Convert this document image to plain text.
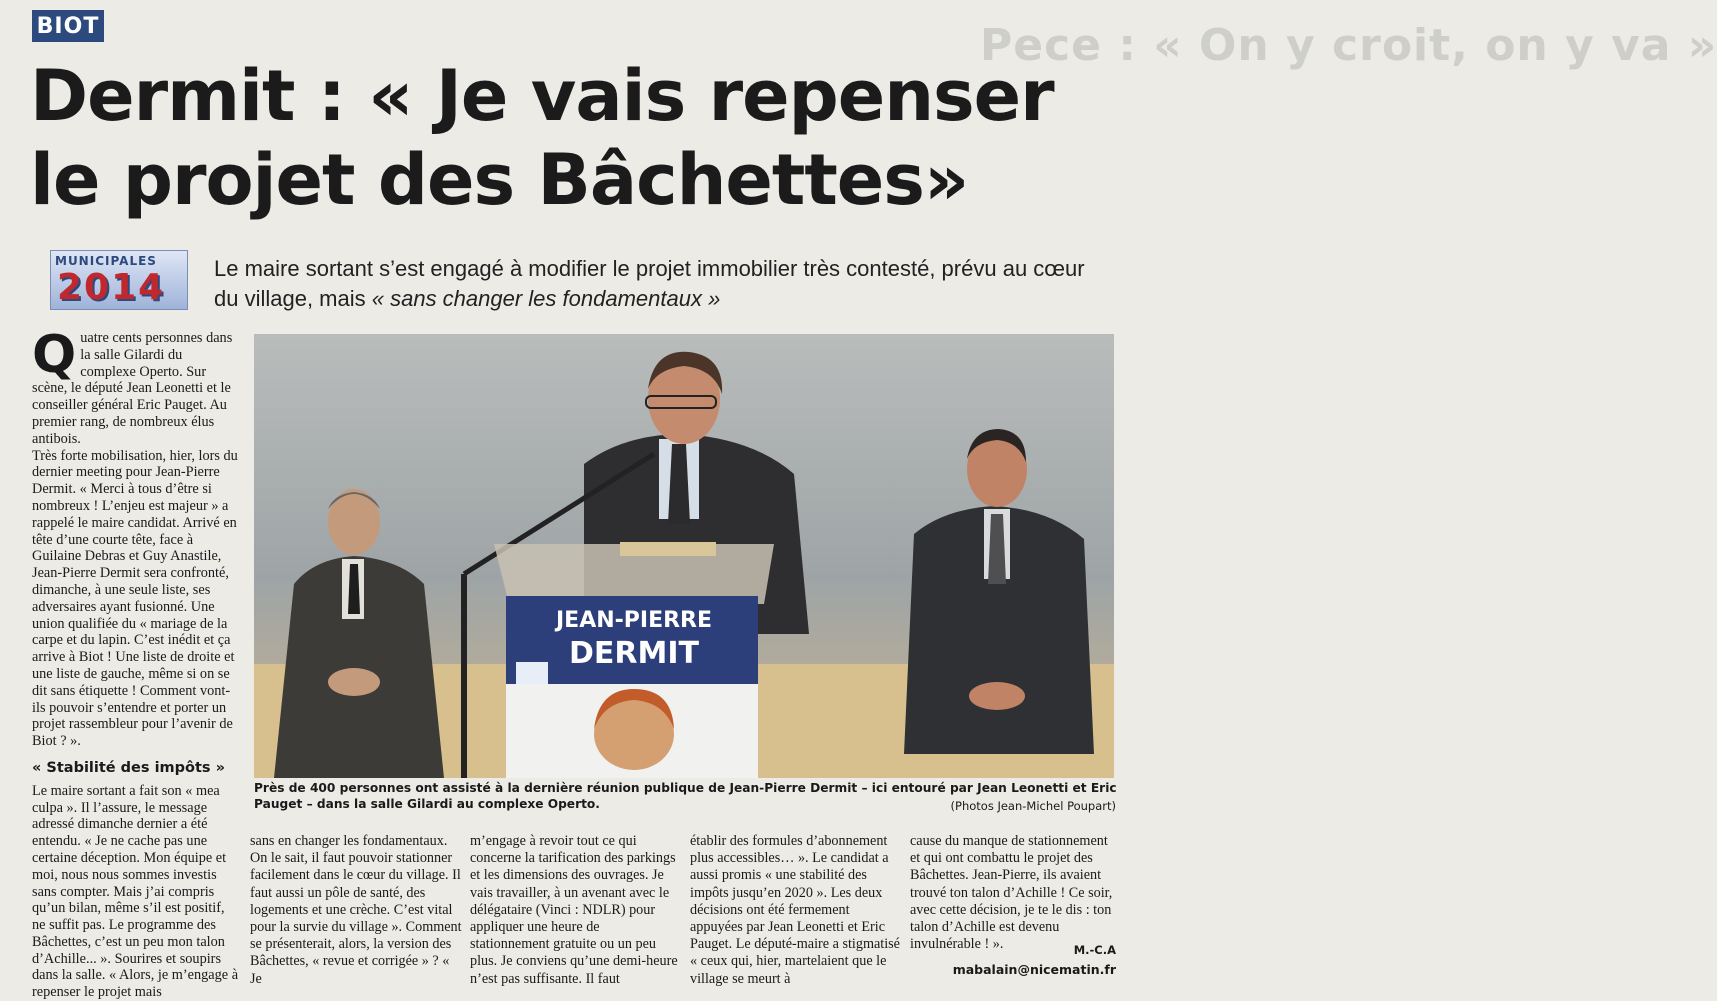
Pece : « On y croit, on y va »
BIOT
Dermit : « Je vais repenser
le projet des Bâchettes»
MUNICIPALES
2014 Le maire sortant s’est engagé à modifier le projet immobilier très contesté, prévu au cœur du village, mais « sans changer les fondamentaux »
JEAN-PIERRE
DERMIT
Près de 400 personnes ont assisté à la dernière réunion publique de Jean-Pierre Dermit – ici entouré par Jean Leonetti et Eric Pauget – dans la salle Gilardi au complexe Operto.	(Photos Jean-Michel Poupart)

Quatre cents personnes dans la salle Gilardi du complexe Operto. Sur scène, le député Jean Leonetti et le conseiller général Eric Pauget. Au premier rang, de nombreux élus antibois.

Très forte mobilisation, hier, lors du dernier meeting pour Jean-Pierre Dermit. « Merci à tous d’être si nombreux ! L’enjeu est majeur » a rappelé le maire candidat. Arrivé en tête d’une courte tête, face à Guilaine Debras et Guy Anastile, Jean-Pierre Dermit sera confronté, dimanche, à une seule liste, ses adversaires ayant fusionné. Une union qualifiée du « mariage de la carpe et du lapin. C’est inédit et ça arrive à Biot ! Une liste de droite et une liste de gauche, même si on se dit sans étiquette ! Comment vont-ils pouvoir s’entendre et porter un projet rassembleur pour l’avenir de Biot ? ».

« Stabilité des impôts »

Le maire sortant a fait son « mea culpa ». Il l’assure, le message adressé dimanche dernier a été entendu. « Je ne cache pas une certaine déception. Mon équipe et moi, nous nous sommes investis sans compter. Mais j’ai compris qu’un bilan, même s’il est positif, ne suffit pas. Le programme des Bâchettes, c’est un peu mon talon d’Achille... ». Sourires et soupirs dans la salle. « Alors, je m’engage à repenser le projet mais

sans en changer les fondamentaux. On le sait, il faut pouvoir stationner facilement dans le cœur du village. Il faut aussi un pôle de santé, des logements et une crèche. C’est vital pour la survie du village ». Comment se présenterait, alors, la version des Bâchettes, « revue et corrigée » ? « Je

m’engage à revoir tout ce qui concerne la tarification des parkings et les dimensions des ouvrages. Je vais travailler, à un avenant avec le délégataire (Vinci : NDLR) pour appliquer une heure de stationnement gratuite ou un peu plus. Je conviens qu’une demi-heure n’est pas suffisante. Il faut

établir des formules d’abonnement plus accessibles… ». Le candidat a aussi promis « une stabilité des impôts jusqu’en 2020 ». Les deux décisions ont été fermement appuyées par Jean Leonetti et Eric Pauget. Le député-maire a stigmatisé « ceux qui, hier, martelaient que le village se meurt à

cause du manque de stationnement et qui ont combattu le projet des Bâchettes. Jean-Pierre, ils avaient trouvé ton talon d’Achille ! Ce soir, avec cette décision, je te le dis : ton talon d’Achille est devenu invulnérable ! ».	M.-C.A
mabalain@nicematin.fr
